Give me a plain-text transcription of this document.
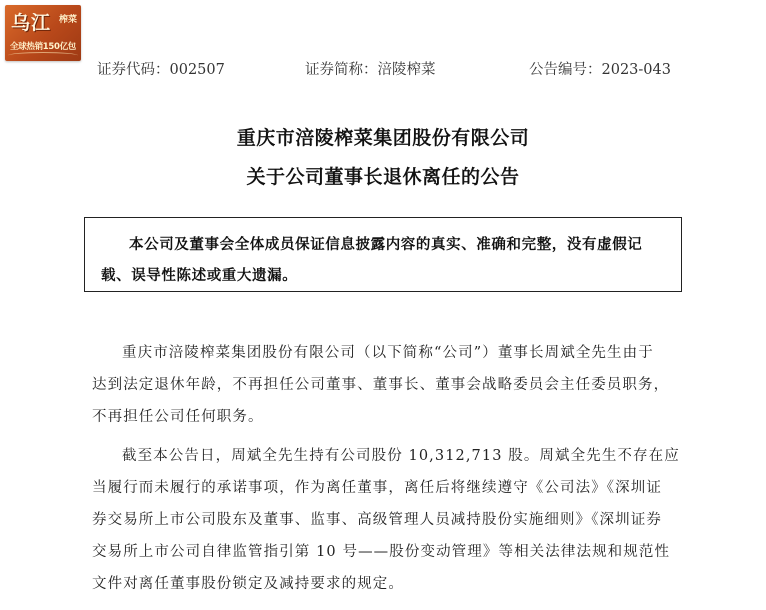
乌江 榨菜
全球热销150亿包
证券代码：002507	证券简称：涪陵榨菜	公告编号：2023-043
重庆市涪陵榨菜集团股份有限公司
关于公司董事长退休离任的公告
本公司及董事会全体成员保证信息披露内容的真实、准确和完整，没有虚假记载、误导性陈述或重大遗漏。
重庆市涪陵榨菜集团股份有限公司（以下简称“公司”）董事长周斌全先生由于
达到法定退休年龄，不再担任公司董事、董事长、董事会战略委员会主任委员职务，
不再担任公司任何职务。
截至本公告日，周斌全先生持有公司股份 10,312,713 股。周斌全先生不存在应
当履行而未履行的承诺事项，作为离任董事，离任后将继续遵守《公司法》《深圳证
券交易所上市公司股东及董事、监事、高级管理人员减持股份实施细则》《深圳证券
交易所上市公司自律监管指引第 10 号——股份变动管理》等相关法律法规和规范性
文件对离任董事股份锁定及减持要求的规定。
